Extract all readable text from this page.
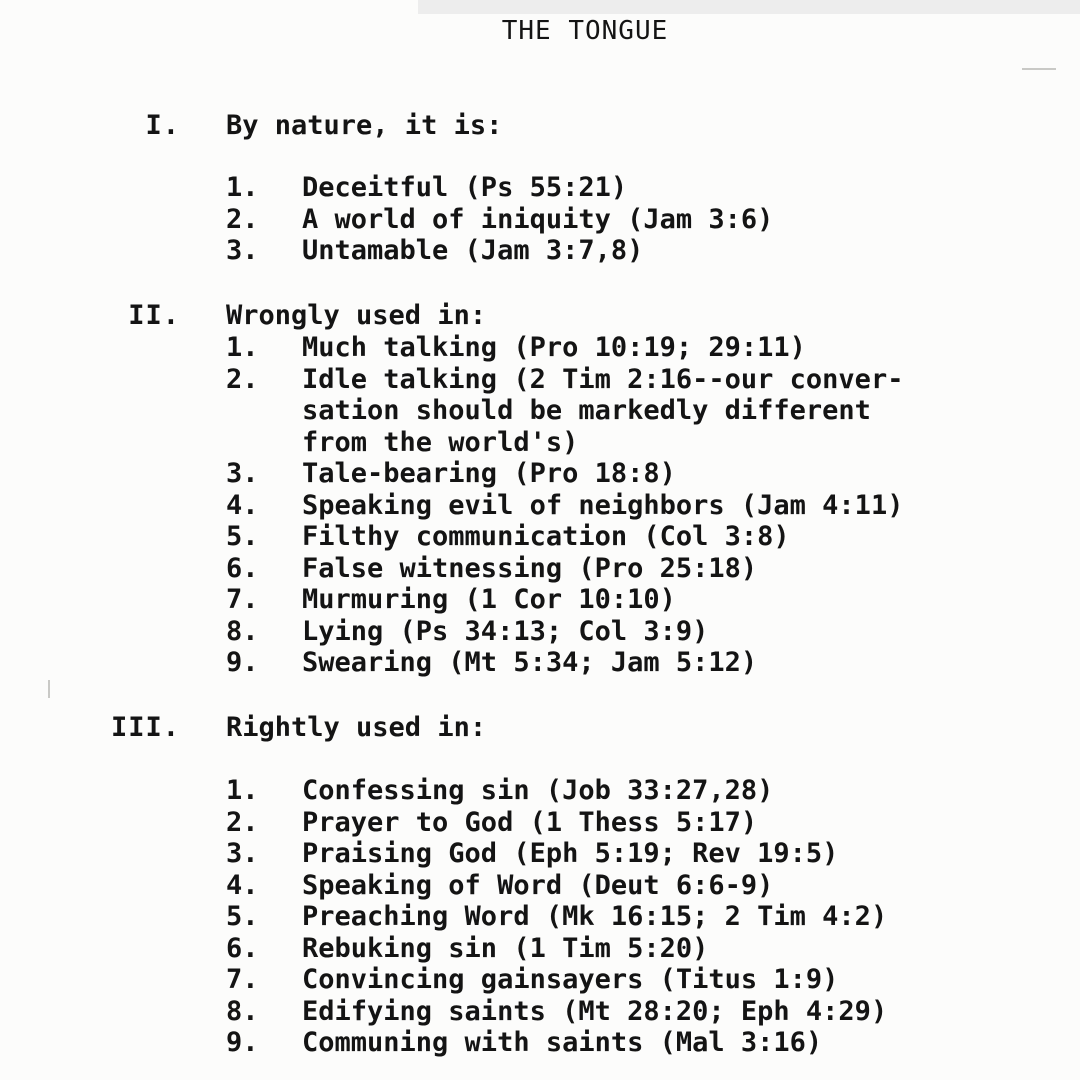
THE TONGUE
I. By nature, it is:
1.	Deceitful (Ps 55:21)
2.	A world of iniquity (Jam 3:6)
3.	Untamable (Jam 3:7,8)
II. Wrongly used in:
1.	Much talking (Pro 10:19; 29:11)
2.	Idle talking (2 Tim 2:16--our conver-
sation should be markedly different
from the world's)
3.	Tale-bearing (Pro 18:8)
4.	Speaking evil of neighbors (Jam 4:11)
5.	Filthy communication (Col 3:8)
6.	False witnessing (Pro 25:18)
7.	Murmuring (1 Cor 10:10)
8.	Lying (Ps 34:13; Col 3:9)
9.	Swearing (Mt 5:34; Jam 5:12)
III. Rightly used in:
1.	Confessing sin (Job 33:27,28)
2.	Prayer to God (1 Thess 5:17)
3.	Praising God (Eph 5:19; Rev 19:5)
4.	Speaking of Word (Deut 6:6-9)
5.	Preaching Word (Mk 16:15; 2 Tim 4:2)
6.	Rebuking sin (1 Tim 5:20)
7.	Convincing gainsayers (Titus 1:9)
8.	Edifying saints (Mt 28:20; Eph 4:29)
9.	Communing with saints (Mal 3:16)
